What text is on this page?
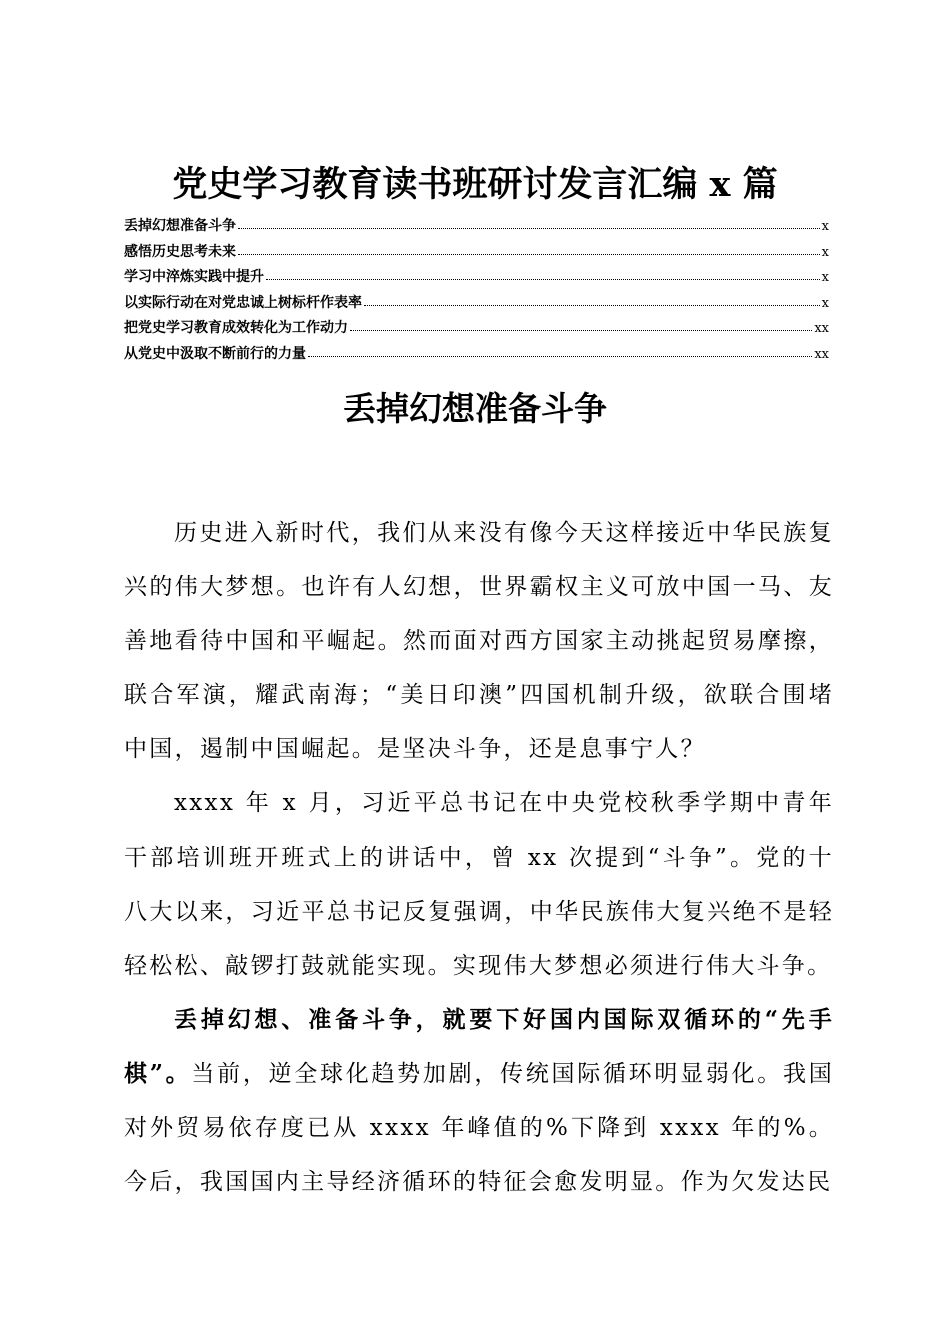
党史学习教育读书班研讨发言汇编 x 篇
丢掉幻想准备斗争	x
感悟历史思考未来	x
学习中淬炼实践中提升	x
以实际行动在对党忠诚上树标杆作表率	x
把党史学习教育成效转化为工作动力	xx
从党史中汲取不断前行的力量	xx
丢掉幻想准备斗争

历史进入新时代，我们从来没有像今天这样接近中华民族复兴的伟大梦想。也许有人幻想，世界霸权主义可放中国一马、友善地看待中国和平崛起。然而面对西方国家主动挑起贸易摩擦，联合军演，耀武南海；“美日印澳”四国机制升级，欲联合围堵中国，遏制中国崛起。是坚决斗争，还是息事宁人？

xxxx 年 x 月，习近平总书记在中央党校秋季学期中青年干部培训班开班式上的讲话中，曾 xx 次提到“斗争”。党的十八大以来，习近平总书记反复强调，中华民族伟大复兴绝不是轻轻松松、敲锣打鼓就能实现。实现伟大梦想必须进行伟大斗争。

丢掉幻想、准备斗争，就要下好国内国际双循环的“先手棋”。当前，逆全球化趋势加剧，传统国际循环明显弱化。我国对外贸易依存度已从 xxxx 年峰值的%下降到 xxxx 年的%。今后，我国国内主导经济循环的特征会愈发明显。作为欠发达民
